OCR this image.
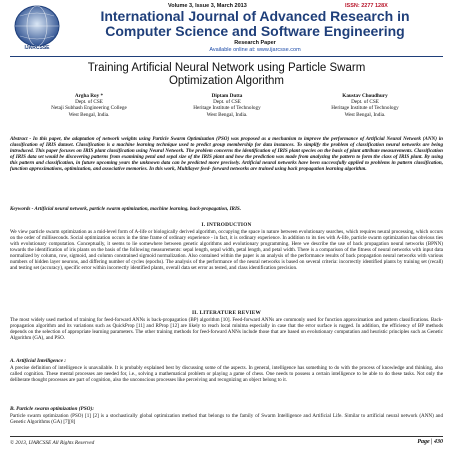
IJARCSSE
Volume 3, Issue 3, March 2013	ISSN: 2277 128X
International Journal of Advanced Research in
Computer Science and Software Engineering
Research Paper
Available online at: www.ijarcsse.com
Training Artificial Neural Network using Particle Swarm
Optimization Algorithm
Argha Roy *
Dept. of CSE
Netaji Subhash Engineering College
West Bengal, India.
Diptam Dutta
Dept. of CSE
Heritage Institute of Technology
West Bengal, India.
Kaustav Choudhury
Dept. of CSE
Heritage Institute of Technology
West Bengal, India.
Abstract - In this paper, the adaptation of network weights using Particle Swarm Optimization (PSO) was proposed as a mechanism to improve the performance of Artificial Neural Network (ANN) in classification of IRIS dataset. Classification is a machine learning technique used to predict group membership for data instances. To simplify the problem of classification neural networks are being introduced. This paper focuses on IRIS plant classification using Neural Network. The problem concerns the identification of IRIS plant species on the basis of plant attribute measurements. Classification of IRIS data set would be discovering patterns from examining petal and sepal size of the IRIS plant and how the prediction was made from analyzing the pattern to form the class of IRIS plant. By using this pattern and classification, in future upcoming years the unknown data can be predicted more precisely. Artificial neural networks have been successfully applied to problems in pattern classification, function approximations, optimization, and associative memories. In this work, Multilayer feed- forward networks are trained using back propagation learning algorithm.
Keywords - Artificial neural network, particle swarm optimization, machine learning, back-propagation, IRIS.
I. INTRODUCTION
We view particle swarm optimization as a mid-level form of A-life or biologically derived algorithm, occupying the space in nature between evolutionary searches, which requires neural processing, which occurs on the order of milliseconds. Social optimization occurs in the time frame of ordinary experience - in fact, it is ordinary experience. In addition to its ties with A-life, particle swarm optimization has obvious ties with evolutionary computation. Conceptually, it seems to lie somewhere between genetic algorithms and evolutionary programming. Here we describe the use of back propagation neural networks (BPNN) towards the identification of iris plants on the basis of the following measurements: sepal length, sepal width, petal length, and petal width. There is a comparison of the fitness of neural networks with input data normalized by column, row, sigmoid, and column constrained sigmoid normalization. Also contained within the paper is an analysis of the performance results of back propagation neural networks with various numbers of hidden layer neurons, and differing number of cycles (epochs). The analysis of the performance of the neural networks is based on several criteria: incorrectly identified plants by training set (recall) and testing set (accuracy), specific error within incorrectly identified plants, overall data set error as tested, and class identification precision.
II. LITERATURE REVIEW
The most widely used method of training for feed-forward ANNs is back-propagation (BP) algorithm [10]. Feed-forward ANNs are commonly used for function approximation and pattern classifications. Back-propagation algorithm and its variations such as QuickProp [11] and RProp [12] are likely to reach local minima especially in case that the error surface is rugged. In addition, the efficiency of BP methods depends on the selection of appropriate learning parameters. The other training methods for feed-forward ANNs include those that are based on evolutionary computation and heuristic principles such as Genetic Algorithm (GA), and PSO.
A. Artificial Intelligence :
A precise definition of intelligence is unavailable. It is probably explained best by discussing some of the aspects. In general, intelligence has something to do with the process of knowledge and thinking, also called cognition. These mental processes are needed for, i.e., solving a mathematical problem or playing a game of chess. One needs to possess a certain intelligence to be able to do these tasks. Not only the deliberate thought processes are part of cognition, also the unconscious processes like perceiving and recognizing an object belong to it.
B. Particle swarm optimization (PSO):
Particle swarm optimization (PSO) [1] [2] is a stochastically global optimization method that belongs to the family of Swarm Intelligence and Artificial Life. Similar to artificial neural network (ANN) and Genetic Algorithms (GA) [7][8]
© 2013, IJARCSSE All Rights Reserved	Page | 430
